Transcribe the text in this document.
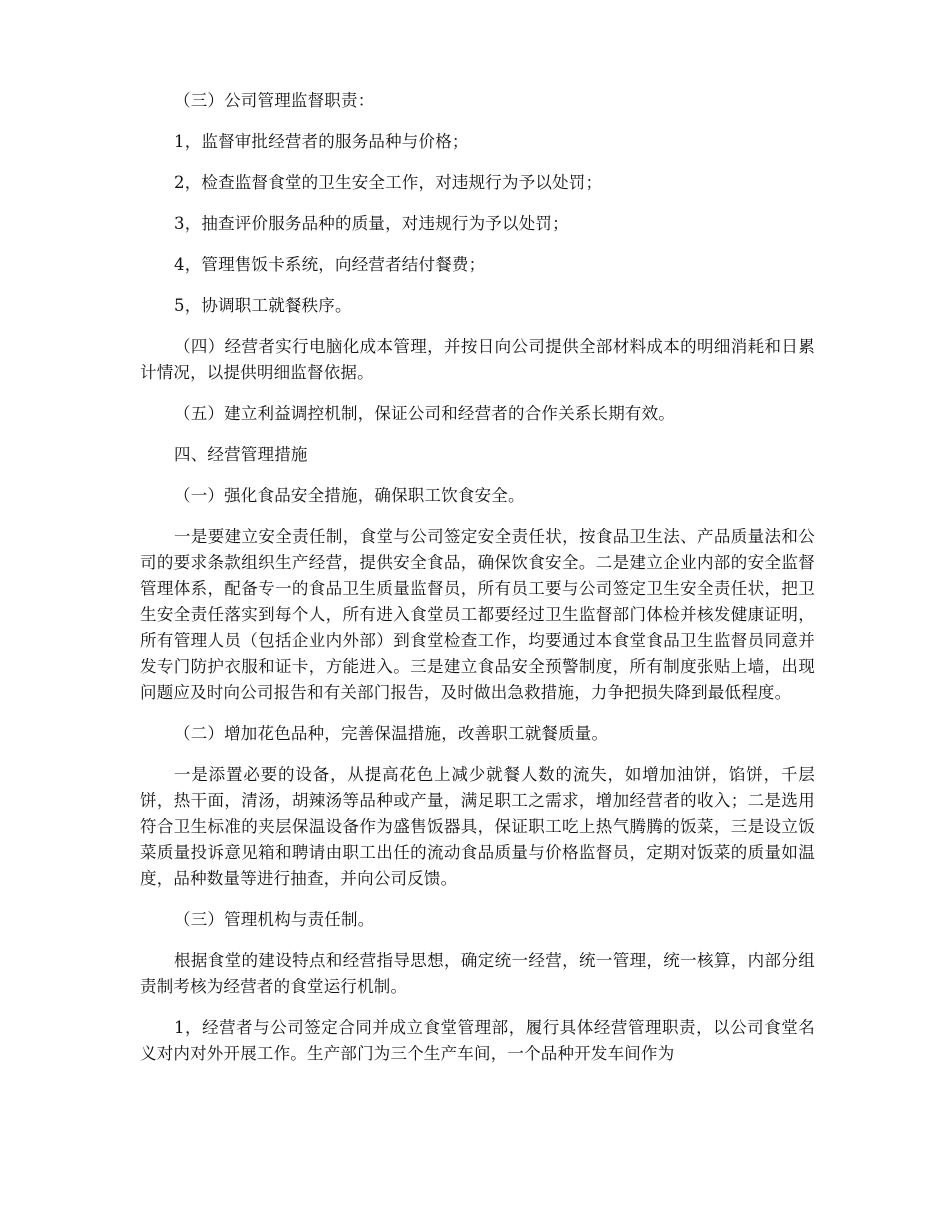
（三）公司管理监督职责：

1，监督审批经营者的服务品种与价格；

2，检查监督食堂的卫生安全工作，对违规行为予以处罚；

3，抽查评价服务品种的质量，对违规行为予以处罚；

4，管理售饭卡系统，向经营者结付餐费；

5，协调职工就餐秩序。

（四）经营者实行电脑化成本管理，并按日向公司提供全部材料成本的明细消耗和日累计情况，以提供明细监督依据。

（五）建立利益调控机制，保证公司和经营者的合作关系长期有效。

四、经营管理措施

（一）强化食品安全措施，确保职工饮食安全。

一是要建立安全责任制，食堂与公司签定安全责任状，按食品卫生法、产品质量法和公司的要求条款组织生产经营，提供安全食品，确保饮食安全。二是建立企业内部的安全监督管理体系，配备专一的食品卫生质量监督员，所有员工要与公司签定卫生安全责任状，把卫生安全责任落实到每个人，所有进入食堂员工都要经过卫生监督部门体检并核发健康证明，所有管理人员（包括企业内外部）到食堂检查工作，均要通过本食堂食品卫生监督员同意并发专门防护衣服和证卡，方能进入。三是建立食品安全预警制度，所有制度张贴上墙，出现问题应及时向公司报告和有关部门报告，及时做出急救措施，力争把损失降到最低程度。

（二）增加花色品种，完善保温措施，改善职工就餐质量。

一是添置必要的设备，从提高花色上减少就餐人数的流失，如增加油饼，馅饼，千层饼，热干面，清汤，胡辣汤等品种或产量，满足职工之需求，增加经营者的收入；二是选用符合卫生标准的夹层保温设备作为盛售饭器具，保证职工吃上热气腾腾的饭菜，三是设立饭菜质量投诉意见箱和聘请由职工出任的流动食品质量与价格监督员，定期对饭菜的质量如温度，品种数量等进行抽查，并向公司反馈。

（三）管理机构与责任制。

根据食堂的建设特点和经营指导思想，确定统一经营，统一管理，统一核算，内部分组责制考核为经营者的食堂运行机制。

1，经营者与公司签定合同并成立食堂管理部，履行具体经营管理职责，以公司食堂名义对内对外开展工作。生产部门为三个生产车间，一个品种开发车间作为
